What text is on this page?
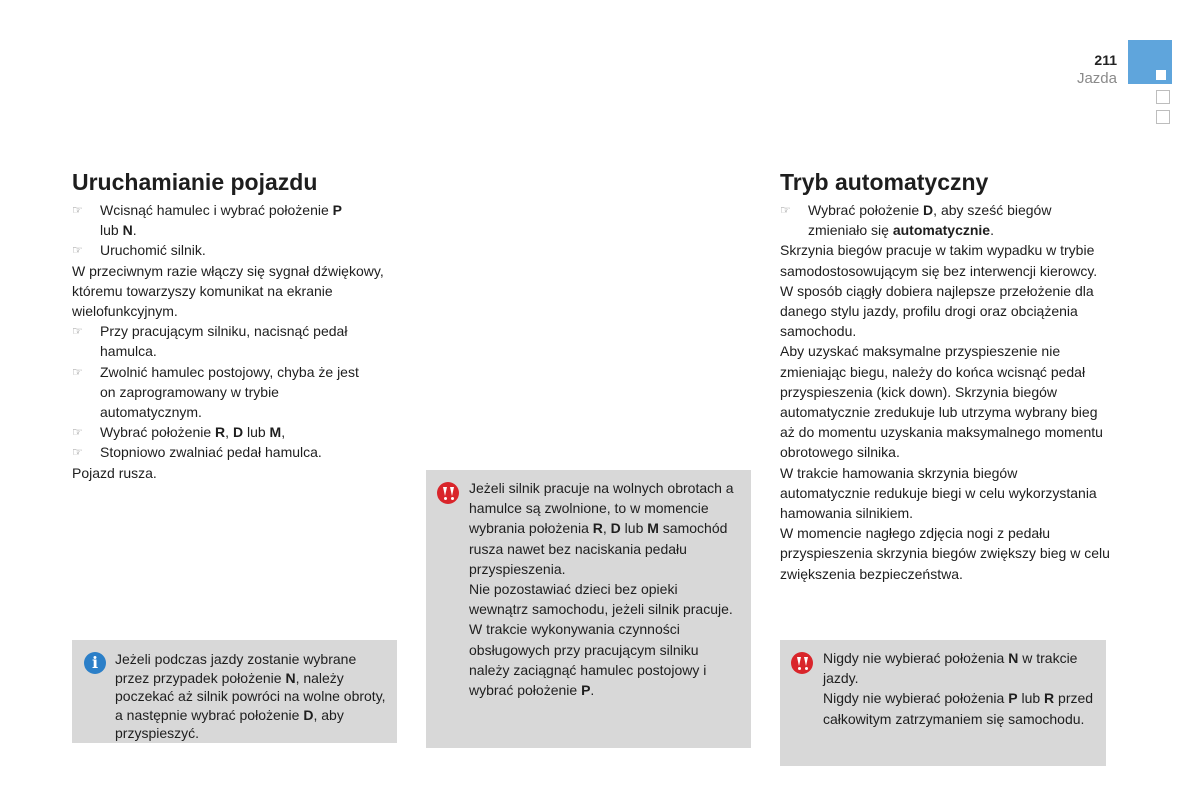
211
Jazda
Uruchamianie pojazdu

☞ Wcisnąć hamulec i wybrać położenie P
lub N.

☞ Uruchomić silnik.

W przeciwnym razie włączy się sygnał dźwiękowy, któremu towarzyszy komunikat na ekranie wielofunkcyjnym.

☞ Przy pracującym silniku, nacisnąć pedał hamulca.

☞ Zwolnić hamulec postojowy, chyba że jest on zaprogramowany w trybie automatycznym.

☞ Wybrać położenie R, D lub M,

☞ Stopniowo zwalniać pedał hamulca.

Pojazd rusza.

i	Jeżeli podczas jazdy zostanie wybrane przez przypadek położenie N, należy poczekać aż silnik powróci na wolne obroty, a następnie wybrać położenie D, aby przyspieszyć.

Jeżeli silnik pracuje na wolnych obrotach a hamulce są zwolnione, to w momencie wybrania położenia R, D lub M samochód rusza nawet bez naciskania pedału przyspieszenia.

Nie pozostawiać dzieci bez opieki wewnątrz samochodu, jeżeli silnik pracuje.

W trakcie wykonywania czynności obsługowych przy pracującym silniku należy zaciągnąć hamulec postojowy i wybrać położenie P.

Tryb automatyczny

☞ Wybrać położenie D, aby sześć biegów zmieniało się automatycznie.

Skrzynia biegów pracuje w takim wypadku w trybie samodostosowującym się bez interwencji kierowcy. W sposób ciągły dobiera najlepsze przełożenie dla danego stylu jazdy, profilu drogi oraz obciążenia samochodu.

Aby uzyskać maksymalne przyspieszenie nie zmieniając biegu, należy do końca wcisnąć pedał przyspieszenia (kick down). Skrzynia biegów automatycznie zredukuje lub utrzyma wybrany bieg aż do momentu uzyskania maksymalnego momentu obrotowego silnika.

W trakcie hamowania skrzynia biegów automatycznie redukuje biegi w celu wykorzystania hamowania silnikiem.

W momencie nagłego zdjęcia nogi z pedału przyspieszenia skrzynia biegów zwiększy bieg w celu zwiększenia bezpieczeństwa.

Nigdy nie wybierać położenia N w trakcie jazdy.

Nigdy nie wybierać położenia P lub R przed całkowitym zatrzymaniem się samochodu.
